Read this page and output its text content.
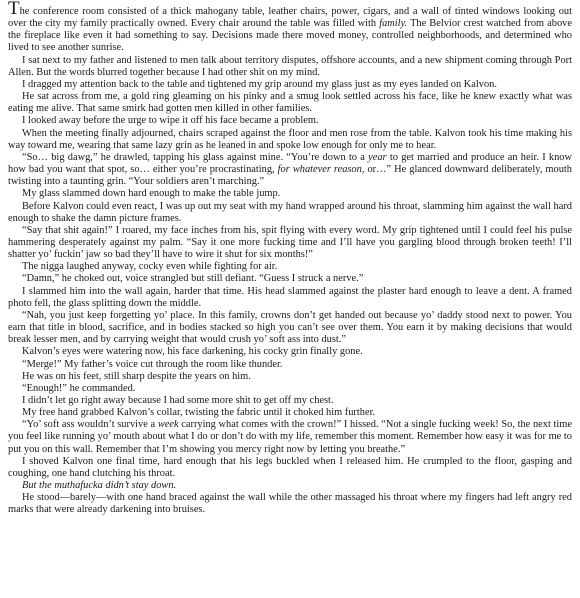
The conference room consisted of a thick mahogany table, leather chairs, power, cigars, and a wall of tinted windows looking out over the city my family practically owned. Every chair around the table was filled with family. The Belvior crest watched from above the fireplace like even it had something to say. Decisions made there moved money, controlled neighborhoods, and determined who lived to see another sunrise.

I sat next to my father and listened to men talk about territory disputes, offshore accounts, and a new shipment coming through Port Allen. But the words blurred together because I had other shit on my mind.

I dragged my attention back to the table and tightened my grip around my glass just as my eyes landed on Kalvon.

He sat across from me, a gold ring gleaming on his pinky and a smug look settled across his face, like he knew exactly what was eating me alive. That same smirk had gotten men killed in other families.

I looked away before the urge to wipe it off his face became a problem.

When the meeting finally adjourned, chairs scraped against the floor and men rose from the table. Kalvon took his time making his way toward me, wearing that same lazy grin as he leaned in and spoke low enough for only me to hear.

“So… big dawg,” he drawled, tapping his glass against mine. “You’re down to a year to get married and produce an heir. I know how bad you want that spot, so… either you’re procrastinating, for whatever reason, or…” He glanced downward deliberately, mouth twisting into a taunting grin. “Your soldiers aren’t marching.”

My glass slammed down hard enough to make the table jump.

Before Kalvon could even react, I was up out my seat with my hand wrapped around his throat, slamming him against the wall hard enough to shake the damn picture frames.

“Say that shit again!” I roared, my face inches from his, spit flying with every word. My grip tightened until I could feel his pulse hammering desperately against my palm. “Say it one more fucking time and I’ll have you gargling blood through broken teeth! I’ll shatter yo’ fuckin’ jaw so bad they’ll have to wire it shut for six months!”

The nigga laughed anyway, cocky even while fighting for air.

“Damn,” he choked out, voice strangled but still defiant. “Guess I struck a nerve.”

I slammed him into the wall again, harder that time. His head slammed against the plaster hard enough to leave a dent. A framed photo fell, the glass splitting down the middle.

“Nah, you just keep forgetting yo’ place. In this family, crowns don’t get handed out because yo’ daddy stood next to power. You earn that title in blood, sacrifice, and in bodies stacked so high you can’t see over them. You earn it by making decisions that would break lesser men, and by carrying weight that would crush yo’ soft ass into dust.”

Kalvon’s eyes were watering now, his face darkening, his cocky grin finally gone.

“Merge!” My father’s voice cut through the room like thunder.

He was on his feet, still sharp despite the years on him.

“Enough!” he commanded.

I didn’t let go right away because I had some more shit to get off my chest.

My free hand grabbed Kalvon’s collar, twisting the fabric until it choked him further.

“Yo’ soft ass wouldn’t survive a week carrying what comes with the crown!” I hissed. “Not a single fucking week! So, the next time you feel like running yo’ mouth about what I do or don’t do with my life, remember this moment. Remember how easy it was for me to put you on this wall. Remember that I’m showing you mercy right now by letting you breathe.”

I shoved Kalvon one final time, hard enough that his legs buckled when I released him. He crumpled to the floor, gasping and coughing, one hand clutching his throat.

But the muthafucka didn’t stay down.

He stood—barely—with one hand braced against the wall while the other massaged his throat where my fingers had left angry red marks that were already darkening into bruises.
